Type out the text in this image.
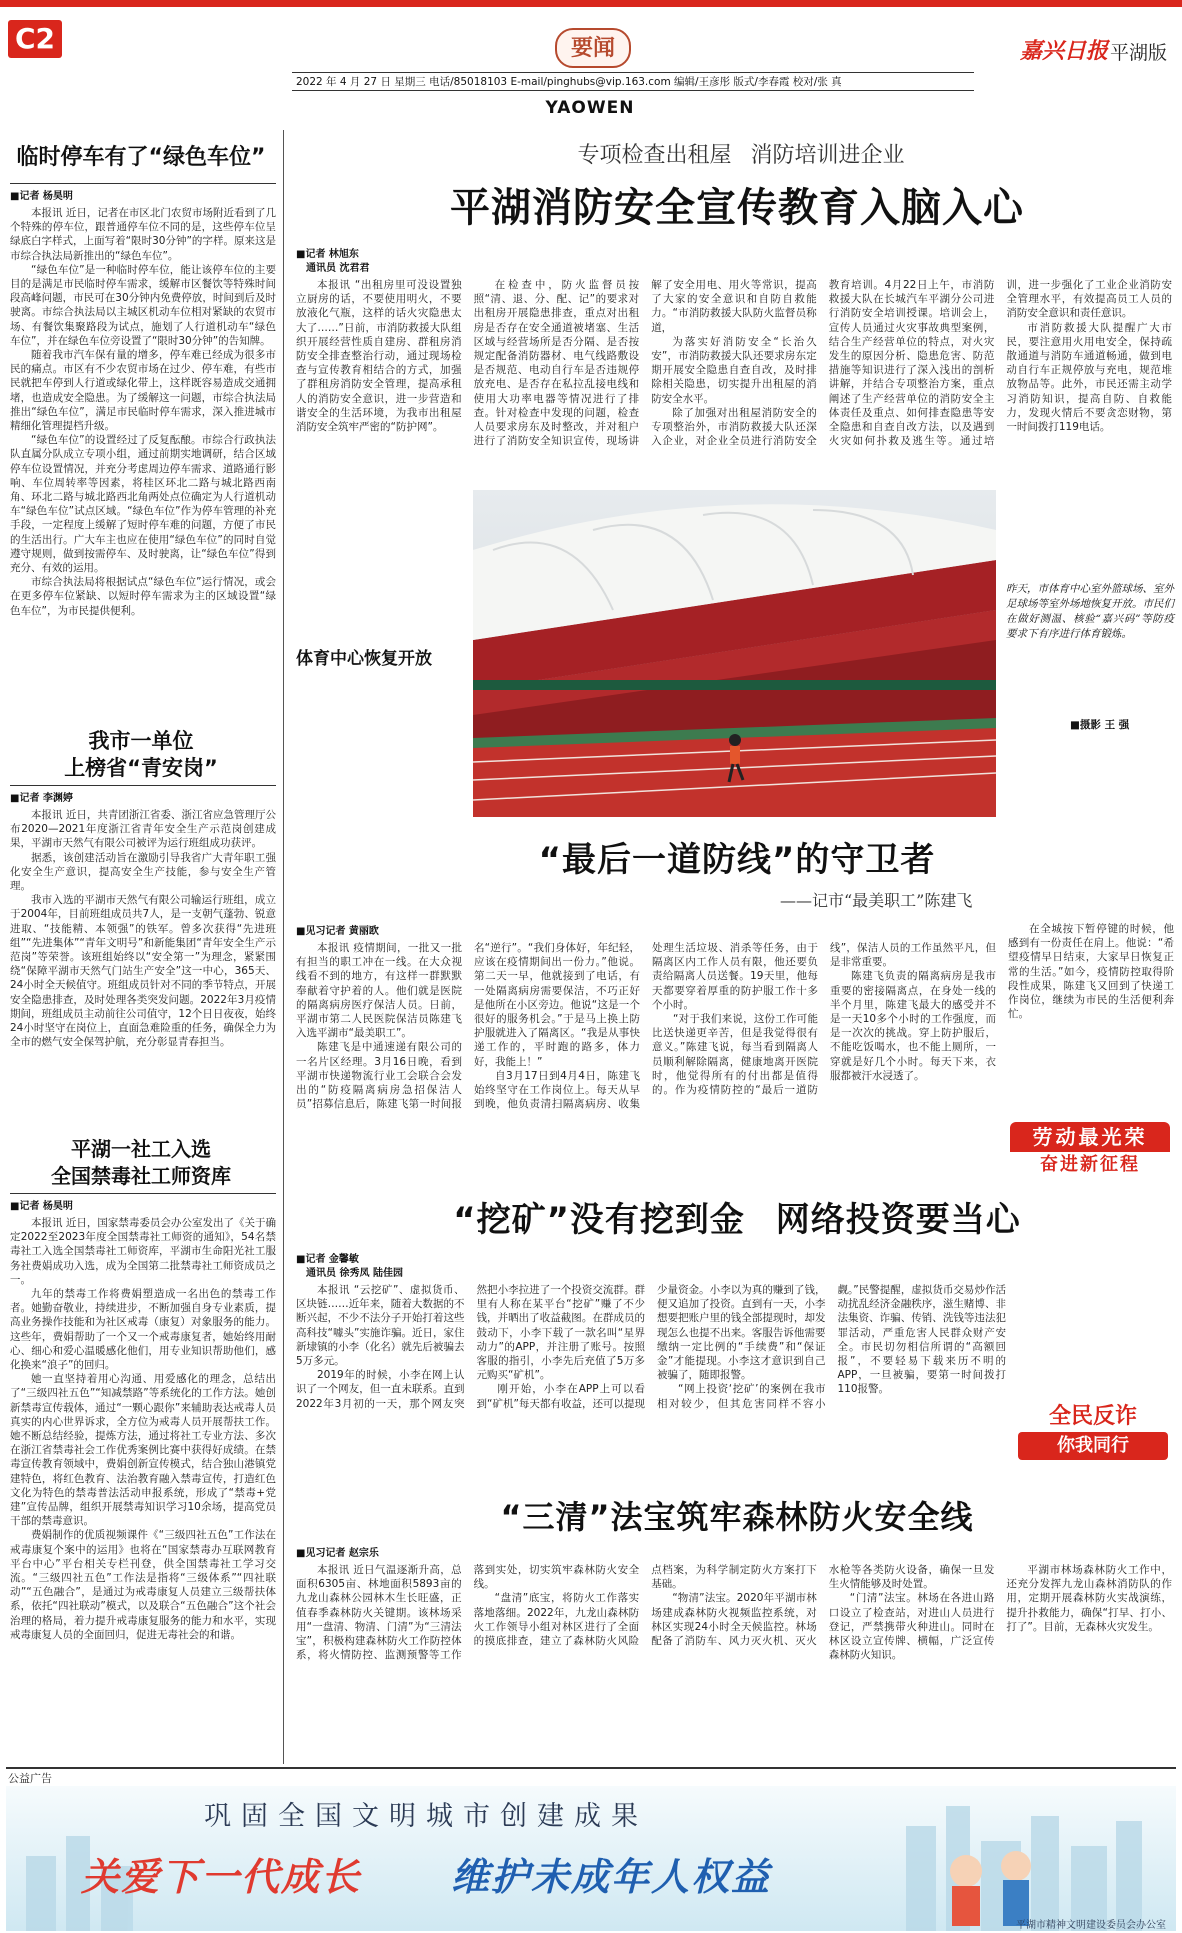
C2	要闻	嘉兴日报 平湖版
2022 年 4 月 27 日 星期三 电话/85018103 E-mail/pinghubs@vip.163.com 编辑/王彦彤 版式/李春霞 校对/张 真
YAOWEN
临时停车有了“绿色车位”
■记者 杨昊明

本报讯 近日，记者在市区北门农贸市场附近看到了几个特殊的停车位，跟普通停车位不同的是，这些停车位呈绿底白字样式，上面写着“限时30分钟”的字样。原来这是市综合执法局新推出的“绿色车位”。

“绿色车位”是一种临时停车位，能让该停车位的主要目的是满足市民临时停车需求，缓解市区餐饮等特殊时间段高峰问题，市民可在30分钟内免费停放，时间到后及时驶离。市综合执法局以主城区机动车位相对紧缺的农贸市场、有餐饮集聚路段为试点，施划了人行道机动车“绿色车位”，并在绿色车位旁设置了“限时30分钟”的告知牌。

随着我市汽车保有量的增多，停车难已经成为很多市民的痛点。市区有不少农贸市场在过少、停车难，有些市民就把车停到人行道或绿化带上，这样既容易造成交通拥堵，也造成安全隐患。为了缓解这一问题，市综合执法局推出“绿色车位”，满足市民临时停车需求，深入推进城市精细化管理提档升级。

“绿色车位”的设置经过了反复酝酿。市综合行政执法队直属分队成立专项小组，通过前期实地调研，结合区域停车位设置情况，并充分考虑周边停车需求、道路通行影响、车位周转率等因素，将桂区环北二路与城北路西南角、环北二路与城北路西北角两处点位确定为人行道机动车“绿色车位”试点区域。“绿色车位”作为停车管理的补充手段，一定程度上缓解了短时停车难的问题，方便了市民的生活出行。广大车主也应在使用“绿色车位”的同时自觉遵守规则，做到按需停车、及时驶离，让“绿色车位”得到充分、有效的运用。

市综合执法局将根据试点“绿色车位”运行情况，或会在更多停车位紧缺、以短时停车需求为主的区域设置“绿色车位”，为市民提供便利。

我市一单位
上榜省“青安岗”
■记者 李渊婷

本报讯 近日，共青团浙江省委、浙江省应急管理厅公布2020—2021年度浙江省青年安全生产示范岗创建成果，平湖市天然气有限公司被评为运行班组成功获评。

据悉，该创建活动旨在激励引导我省广大青年职工强化安全生产意识，提高安全生产技能，参与安全生产管理。

我市入选的平湖市天然气有限公司输运行班组，成立于2004年，目前班组成员共7人，是一支朝气蓬勃、锐意进取、“技能精、本领强”的铁军。曾多次获得“先进班组”“先进集体”“青年文明号”和新能集团“青年安全生产示范岗”等荣誉。该班组始终以“安全第一”为理念，紧紧围绕“保障平湖市天然气门站生产安全”这一中心，365天、24小时全天候值守。班组成员针对不同的季节特点，开展安全隐患排查，及时处理各类突发问题。2022年3月疫情期间，班组成员主动前往公司值守，12个日日夜夜，始终24小时坚守在岗位上，直面急难险重的任务，确保全力为全市的燃气安全保驾护航，充分彰显青春担当。

平湖一社工入选
全国禁毒社工师资库
■记者 杨昊明

本报讯 近日，国家禁毒委员会办公室发出了《关于确定2022至2023年度全国禁毒社工师资的通知》，54名禁毒社工入选全国禁毒社工师资库，平湖市生命阳光社工服务社费娟成功入选，成为全国第二批禁毒社工师资成员之一。

九年的禁毒工作将费娟塑造成一名出色的禁毒工作者。她勤奋敬业，持续进步，不断加强自身专业素质，提高业务操作技能和为社区戒毒（康复）对象服务的能力。这些年，费娟帮助了一个又一个戒毒康复者，她始终用耐心、细心和爱心温暖感化他们，用专业知识帮助他们，感化换来“浪子”的回归。

她一直坚持着用心沟通、用爱感化的理念，总结出了“三级四社五色”“知减禁路”等系统化的工作方法。她创新禁毒宣传载体，通过“一颗心跟你”来辅助表达戒毒人员真实的内心世界诉求，全方位为戒毒人员开展帮扶工作。她不断总结经验，提炼方法，通过将社工专业方法、多次在浙江省禁毒社会工作优秀案例比赛中获得好成绩。在禁毒宣传教育领域中，费娟创新宣传模式，结合独山港镇党建特色，将红色教育、法治教育融入禁毒宣传，打造红色文化为特色的禁毒普法活动申报系统，形成了“禁毒+党建”宣传品牌，组织开展禁毒知识学习10余场，提高党员干部的禁毒意识。

费娟制作的优质视频课件《“三级四社五色”工作法在戒毒康复个案中的运用》也将在“国家禁毒办互联网教育平台中心”平台相关专栏刊登，供全国禁毒社工学习交流。“三级四社五色”工作法是指将“三级体系”“四社联动”“五色融合”，是通过为戒毒康复人员建立三级帮扶体系，依托“四社联动”模式，以及联合“五色融合”这个社会治理的格局，着力提升戒毒康复服务的能力和水平，实现戒毒康复人员的全面回归，促进无毒社会的和谐。

专项检查出租屋 消防培训进企业
平湖消防安全宣传教育入脑入心
■记者 林旭东
通讯员 沈君君

本报讯 “出租房里可没设置独立厨房的话，不要使用明火，不要放液化气瓶，这样的话火灾隐患太大了……”日前，市消防救援大队组织开展经营性质自建房、群租房消防安全排查整治行动，通过现场检查与宣传教育相结合的方式，加强了群租房消防安全管理，提高承租人的消防安全意识，进一步营造和谐安全的生活环境，为我市出租屋消防安全筑牢严密的“防护网”。

在检查中，防火监督员按照“清、退、分、配、记”的要求对出租房开展隐患排查，重点对出租房是否存在安全通道被堵塞、生活区域与经营场所是否分隔、是否按规定配备消防器材、电气线路敷设是否规范、电动自行车是否违规停放充电、是否存在私拉乱接电线和使用大功率电器等情况进行了排查。针对检查中发现的问题，检查人员要求房东及时整改，并对租户进行了消防安全知识宣传，现场讲解了安全用电、用火等常识，提高了大家的安全意识和自防自救能力。“市消防救援大队防火监督员称道，

为落实好消防安全“长治久安”，市消防救援大队还要求房东定期开展安全隐患自查自改，及时排除相关隐患，切实提升出租屋的消防安全水平。

除了加强对出租屋消防安全的专项整治外，市消防救援大队还深入企业，对企业全员进行消防安全教育培训。4月22日上午，市消防救援大队在长城汽车平湖分公司进行消防安全培训授课。培训会上，宣传人员通过火灾事故典型案例，结合生产经营单位的特点，对火灾发生的原因分析、隐患危害、防范措施等知识进行了深入浅出的剖析讲解，并结合专项整治方案，重点阐述了生产经营单位的消防安全主体责任及重点、如何排查隐患等安全隐患和自查自改方法，以及遇到火灾如何扑救及逃生等。通过培训，进一步强化了工业企业消防安全管理水平，有效提高员工人员的消防安全意识和责任意识。

市消防救援大队提醒广大市民，要注意用火用电安全，保持疏散通道与消防车通道畅通，做到电动自行车正规停放与充电，规范堆放物品等。此外，市民还需主动学习消防知识，提高自防、自救能力，发现火情后不要贪恋财物，第一时间拨打119电话。

体育中心恢复开放
昨天，市体育中心室外篮球场、室外足球场等室外场地恢复开放。市民们在做好测温、核验“嘉兴码”等防疫要求下有序进行体育锻炼。
■摄影 王 强
“最后一道防线”的守卫者
——记市“最美职工”陈建飞
■见习记者 黄丽欧

本报讯 疫情期间，一批又一批有担当的职工冲在一线。在大众视线看不到的地方，有这样一群默默奉献着守护着的人。他们就是医院的隔离病房医疗保洁人员。日前，平湖市第二人民医院保洁员陈建飞入选平湖市“最美职工”。

陈建飞是中通速递有限公司的一名片区经理。3月16日晚，看到平湖市快递物流行业工会联合会发出的“防疫隔离病房急招保洁人员”招募信息后，陈建飞第一时间报名“逆行”。“我们身体好，年纪轻，应该在疫情期间出一份力。”他说。第二天一早，他就接到了电话，有一处隔离病房需要保洁，不巧正好是他所在小区旁边。他说“这是一个很好的服务机会。”于是马上换上防护服就进入了隔离区。“我是从事快递工作的，平时跑的路多，体力好，我能上！”

自3月17日到4月4日，陈建飞始终坚守在工作岗位上。每天从早到晚，他负责清扫隔离病房、收集处理生活垃圾、消杀等任务，由于隔离区内工作人员有限，他还要负责给隔离人员送餐。19天里，他每天都要穿着厚重的防护服工作十多个小时。

“对于我们来说，这份工作可能比送快递更辛苦，但是我觉得很有意义。”陈建飞说，每当看到隔离人员顺利解除隔离，健康地离开医院时，他觉得所有的付出都是值得的。作为疫情防控的“最后一道防线”，保洁人员的工作虽然平凡，但是非常重要。

陈建飞负责的隔离病房是我市重要的密接隔离点，在身处一线的半个月里，陈建飞最大的感受并不是一天10多个小时的工作强度，而是一次次的挑战。穿上防护服后，不能吃饭喝水，也不能上厕所，一穿就是好几个小时。每天下来，衣服都被汗水浸透了。

在全城按下暂停键的时候，他感到有一份责任在肩上。他说：“希望疫情早日结束，大家早日恢复正常的生活。”如今，疫情防控取得阶段性成果，陈建飞又回到了快递工作岗位，继续为市民的生活便利奔忙。

劳动最光荣
奋进新征程
“挖矿”没有挖到金 网络投资要当心
■记者 金馨敏
通讯员 徐秀凤 陆佳园

本报讯 “云挖矿”、虚拟货币、区块链……近年来，随着大数据的不断兴起，不少不法分子开始打着这些高科技“噱头”实施诈骗。近日，家住新埭镇的小李（化名）就先后被骗去5万多元。

2019年的时候，小李在网上认识了一个网友，但一直未联系。直到2022年3月初的一天，那个网友突然把小李拉进了一个投资交流群。群里有人称在某平台“挖矿”赚了不少钱，并晒出了收益截图。在群成员的鼓动下，小李下载了一款名叫“星界动力”的APP，并注册了账号。按照客服的指引，小李先后充值了5万多元购买“矿机”。

刚开始，小李在APP上可以看到“矿机”每天都有收益，还可以提现少量资金。小李以为真的赚到了钱，便又追加了投资。直到有一天，小李想要把账户里的钱全部提现时，却发现怎么也提不出来。客服告诉他需要缴纳一定比例的“手续费”和“保证金”才能提现。小李这才意识到自己被骗了，随即报警。

“网上投资‘挖矿’的案例在我市相对较少，但其危害同样不容小觑。”民警提醒，虚拟货币交易炒作活动扰乱经济金融秩序，滋生赌博、非法集资、诈骗、传销、洗钱等违法犯罪活动，严重危害人民群众财产安全。市民切勿相信所谓的“高额回报”，不要轻易下载来历不明的APP，一旦被骗，要第一时间拨打110报警。

全民反诈
你我同行
“三清”法宝筑牢森林防火安全线
■见习记者 赵宗乐

本报讯 近日气温逐渐升高，总面积6305亩、林地面积5893亩的九龙山森林公园林木生长旺盛，正值春季森林防火关键期。该林场采用“一盘清、物清、门清”为“三清法宝”，积极构建森林防火工作防控体系，将火情防控、监测预警等工作落到实处，切实筑牢森林防火安全线。

“盘清”底宝，将防火工作落实落地落细。2022年，九龙山森林防火工作领导小组对林区进行了全面的摸底排查，建立了森林防火风险点档案，为科学制定防火方案打下基础。

“物清”法宝。2020年平湖市林场建成森林防火视频监控系统，对林区实现24小时全天候监控。林场配备了消防车、风力灭火机、灭火水枪等各类防火设备，确保一旦发生火情能够及时处置。

“门清”法宝。林场在各进山路口设立了检查站，对进山人员进行登记，严禁携带火种进山。同时在林区设立宣传牌、横幅，广泛宣传森林防火知识。

平湖市林场森林防火工作中，还充分发挥九龙山森林消防队的作用，定期开展森林防火实战演练，提升扑救能力，确保“打早、打小、打了”。目前，无森林火灾发生。

公益广告
巩固全国文明城市创建成果
关爱下一代成长	维护未成年人权益
平湖市精神文明建设委员会办公室
